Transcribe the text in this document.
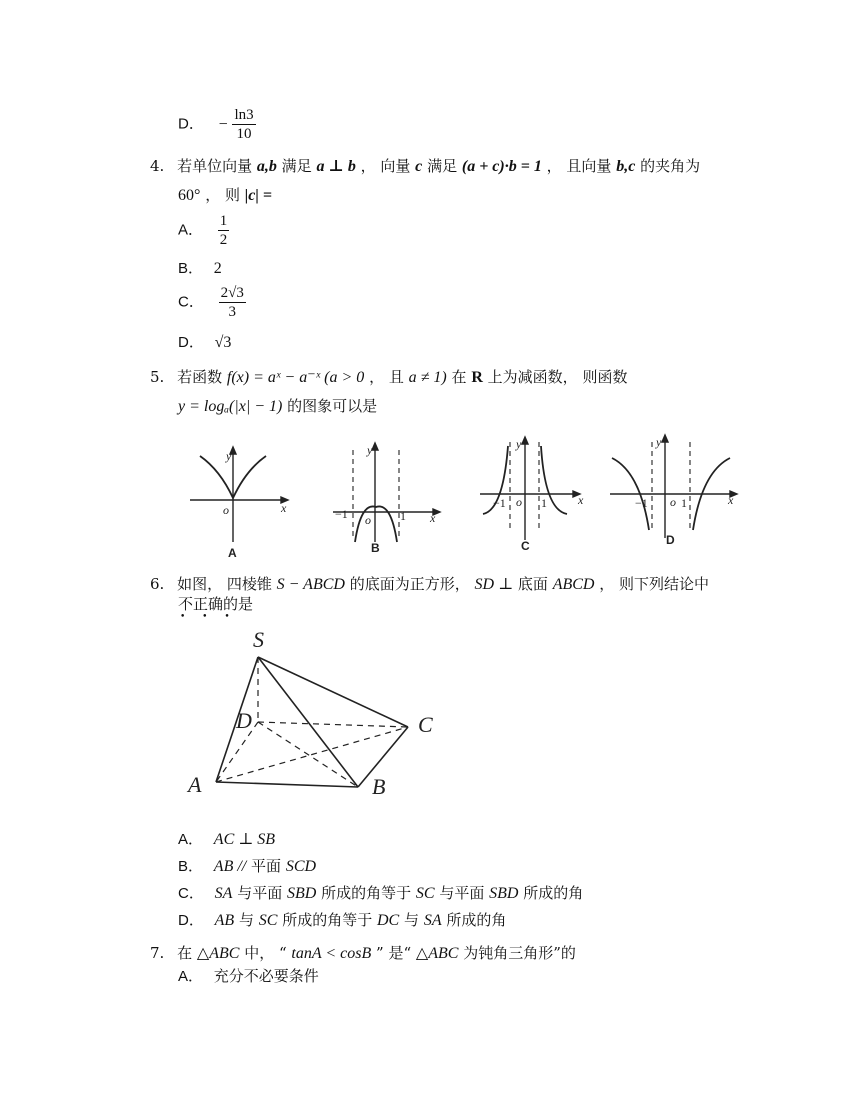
D． − $\frac{\ln 3}{10}$
4. 若单位向量 a,b 满足 a ⊥ b ， 向量 c 满足 (a + c)·b = 1 ， 且向量 b,c 的夹角为
60° ， 则 |c| =
A． $\frac{1}{2}$
B． 2
C． $\frac{2√3}{3}$
D． √3
5. 若函数 f(x) = aˣ − a⁻ˣ (a > 0 ， 且 a ≠ 1) 在 R 上为减函数， 则函数
y = logₐ(|x| − 1) 的图象可以是
y
x
o
y
x
o
−1	1
y
x
o
−1	1
y
x
o
−1	1
A	B	C	D
6. 如图， 四棱锥 S − ABCD 的底面为正方形， SD ⊥ 底面 ABCD ， 则下列结论中
不正确的是
• • •
S
D	C
A	B
A． AC ⊥ SB
B． AB // 平面 SCD
C． SA 与平面 SBD 所成的角等于 SC 与平面 SBD 所成的角
D． AB 与 SC 所成的角等于 DC 与 SA 所成的角
7. 在 △ABC 中， “ tanA < cosB ” 是“ △ABC 为钝角三角形”的
A． 充分不必要条件
